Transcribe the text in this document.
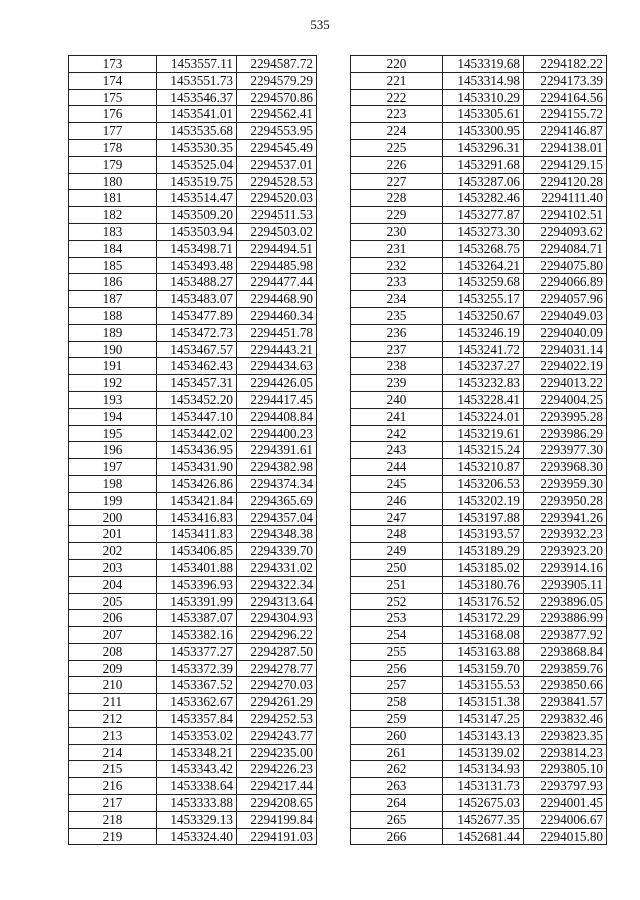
535
173	1453557.11	2294587.72
174	1453551.73	2294579.29
175	1453546.37	2294570.86
176	1453541.01	2294562.41
177	1453535.68	2294553.95
178	1453530.35	2294545.49
179	1453525.04	2294537.01
180	1453519.75	2294528.53
181	1453514.47	2294520.03
182	1453509.20	2294511.53
183	1453503.94	2294503.02
184	1453498.71	2294494.51
185	1453493.48	2294485.98
186	1453488.27	2294477.44
187	1453483.07	2294468.90
188	1453477.89	2294460.34
189	1453472.73	2294451.78
190	1453467.57	2294443.21
191	1453462.43	2294434.63
192	1453457.31	2294426.05
193	1453452.20	2294417.45
194	1453447.10	2294408.84
195	1453442.02	2294400.23
196	1453436.95	2294391.61
197	1453431.90	2294382.98
198	1453426.86	2294374.34
199	1453421.84	2294365.69
200	1453416.83	2294357.04
201	1453411.83	2294348.38
202	1453406.85	2294339.70
203	1453401.88	2294331.02
204	1453396.93	2294322.34
205	1453391.99	2294313.64
206	1453387.07	2294304.93
207	1453382.16	2294296.22
208	1453377.27	2294287.50
209	1453372.39	2294278.77
210	1453367.52	2294270.03
211	1453362.67	2294261.29
212	1453357.84	2294252.53
213	1453353.02	2294243.77
214	1453348.21	2294235.00
215	1453343.42	2294226.23
216	1453338.64	2294217.44
217	1453333.88	2294208.65
218	1453329.13	2294199.84
219	1453324.40	2294191.03
220	1453319.68	2294182.22
221	1453314.98	2294173.39
222	1453310.29	2294164.56
223	1453305.61	2294155.72
224	1453300.95	2294146.87
225	1453296.31	2294138.01
226	1453291.68	2294129.15
227	1453287.06	2294120.28
228	1453282.46	2294111.40
229	1453277.87	2294102.51
230	1453273.30	2294093.62
231	1453268.75	2294084.71
232	1453264.21	2294075.80
233	1453259.68	2294066.89
234	1453255.17	2294057.96
235	1453250.67	2294049.03
236	1453246.19	2294040.09
237	1453241.72	2294031.14
238	1453237.27	2294022.19
239	1453232.83	2294013.22
240	1453228.41	2294004.25
241	1453224.01	2293995.28
242	1453219.61	2293986.29
243	1453215.24	2293977.30
244	1453210.87	2293968.30
245	1453206.53	2293959.30
246	1453202.19	2293950.28
247	1453197.88	2293941.26
248	1453193.57	2293932.23
249	1453189.29	2293923.20
250	1453185.02	2293914.16
251	1453180.76	2293905.11
252	1453176.52	2293896.05
253	1453172.29	2293886.99
254	1453168.08	2293877.92
255	1453163.88	2293868.84
256	1453159.70	2293859.76
257	1453155.53	2293850.66
258	1453151.38	2293841.57
259	1453147.25	2293832.46
260	1453143.13	2293823.35
261	1453139.02	2293814.23
262	1453134.93	2293805.10
263	1453131.73	2293797.93
264	1452675.03	2294001.45
265	1452677.35	2294006.67
266	1452681.44	2294015.80
